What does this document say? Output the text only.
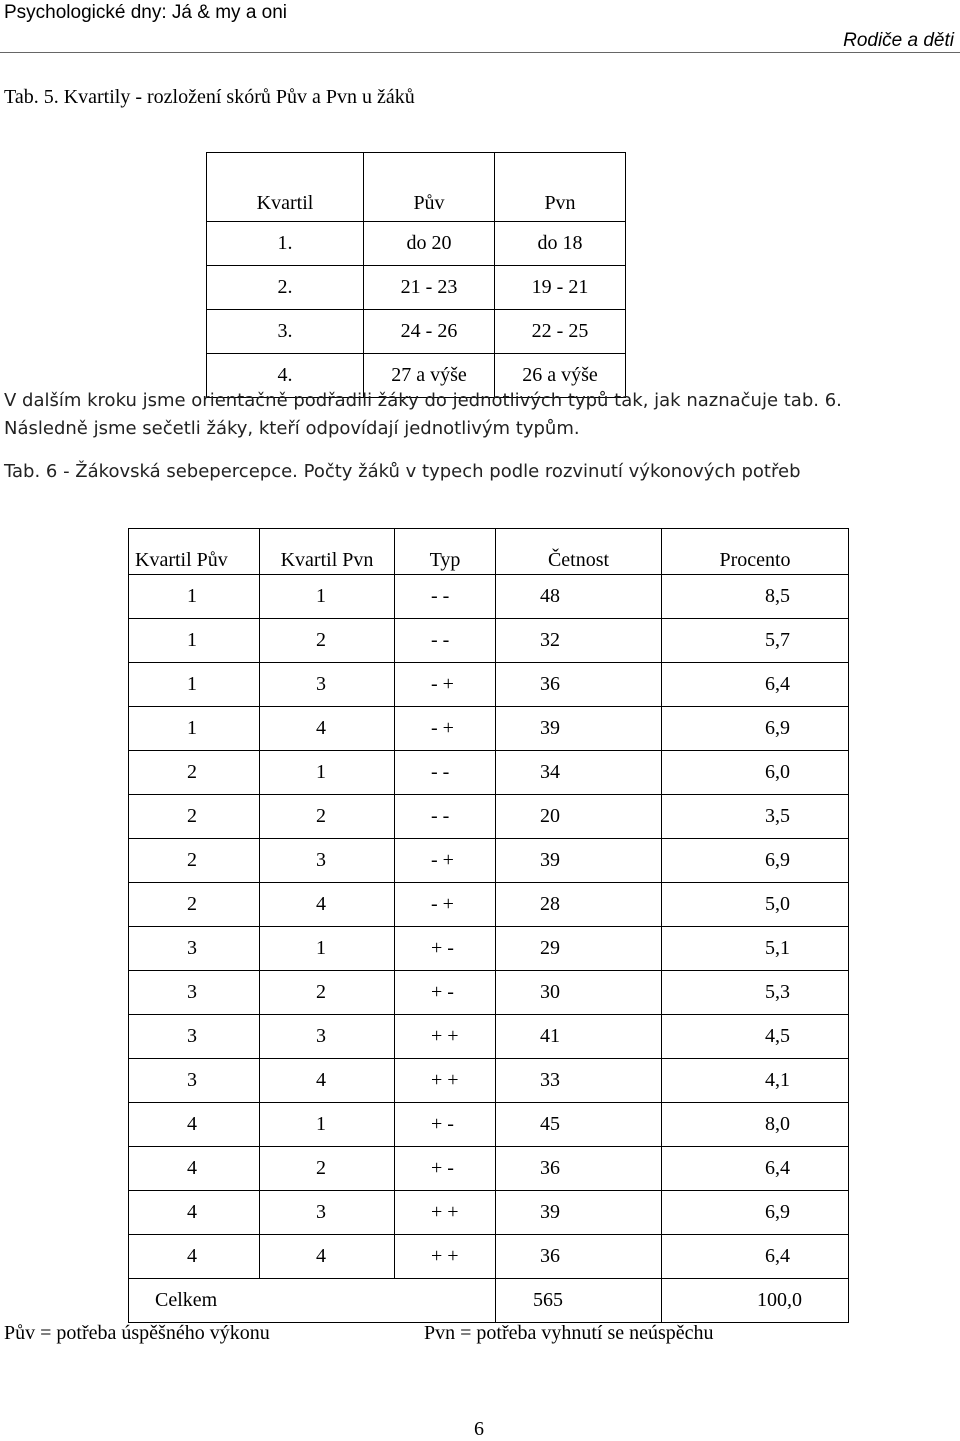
Psychologické dny: Já & my a oni
Rodiče a děti
Tab. 5. Kvartily - rozložení skórů Pův a Pvn u žáků
Kvartil	Pův	Pvn
1.	do 20	do 18
2.	21 - 23	19 - 21
3.	24 - 26	22 - 25
4.	27 a výše	26 a výše
V dalším kroku jsme orientačně podřadili žáky do jednotlivých typů tak, jak naznačuje tab. 6.
Následně jsme sečetli žáky, kteří odpovídají jednotlivým typům.
Tab. 6 - Žákovská sebepercepce. Počty žáků v typech podle rozvinutí výkonových potřeb
Kvartil Pův	Kvartil Pvn	Typ	Četnost	Procento
1	1	- -	48	8,5
1	2	- -	32	5,7
1	3	- +	36	6,4
1	4	- +	39	6,9
2	1	- -	34	6,0
2	2	- -	20	3,5
2	3	- +	39	6,9
2	4	- +	28	5,0
3	1	+ -	29	5,1
3	2	+ -	30	5,3
3	3	+ +	41	4,5
3	4	+ +	33	4,1
4	1	+ -	45	8,0
4	2	+ -	36	6,4
4	3	+ +	39	6,9
4	4	+ +	36	6,4
Celkem			565	100,0
Pův = potřeba úspěšného výkonu	Pvn = potřeba vyhnutí se neúspěchu
6
